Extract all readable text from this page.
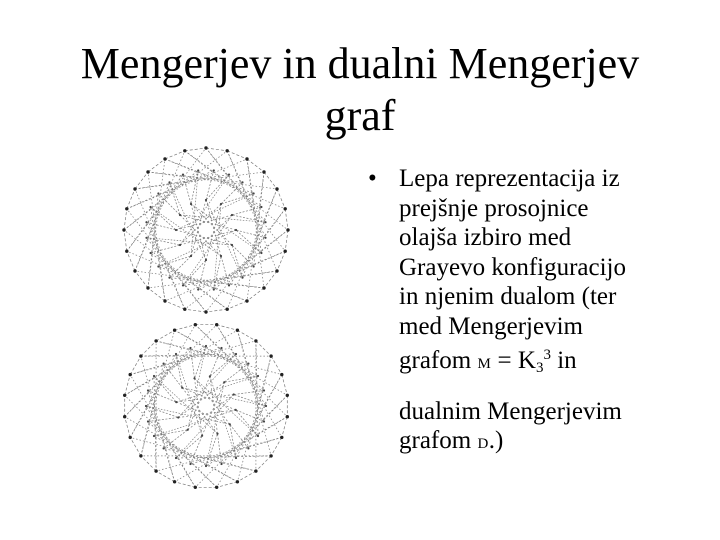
Mengerjev in dualni Mengerjev
graf
• Lepa reprezentacija iz
prejšnje prosojnice
olajša izbiro med
Grayevo konfiguracijo
in njenim dualom (ter
med Mengerjevim
grafom $M = K_3^3$ in
dualnim Mengerjevim
grafom D.)
